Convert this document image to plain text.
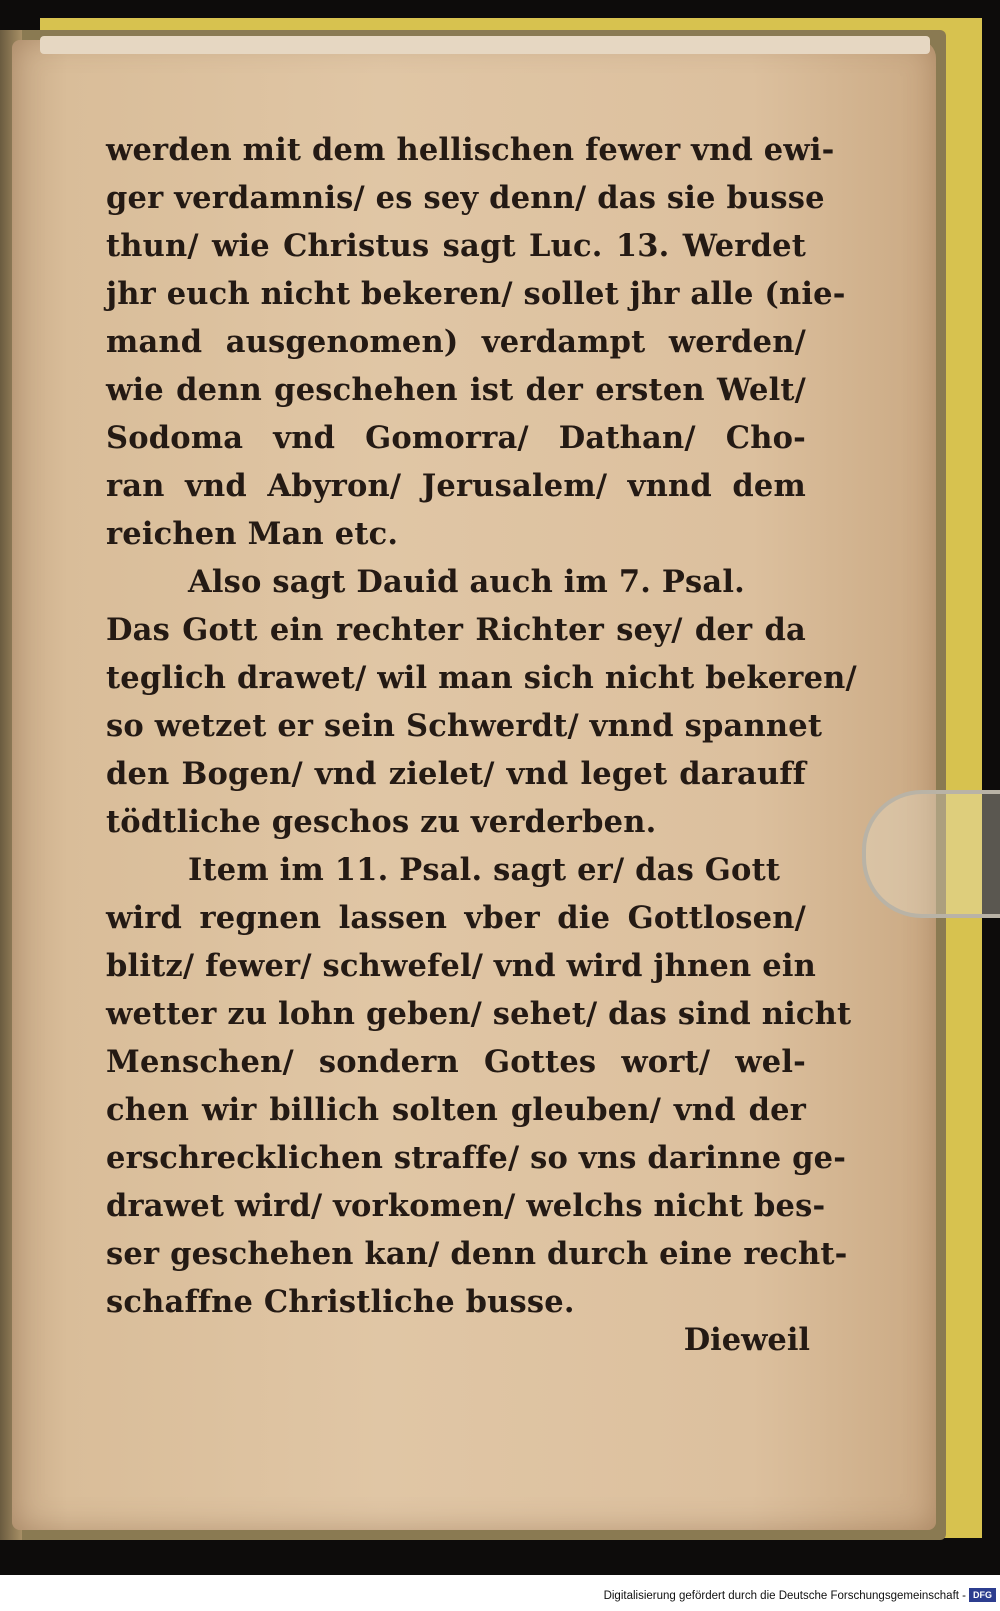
werden mit dem hellischen fewer vnd ewi-
ger verdamnis/ es sey denn/ das sie busse
thun/ wie Christus sagt Luc. 13. Werdet
jhr euch nicht bekeren/ sollet jhr alle (nie-
mand ausgenomen) verdampt werden/
wie denn geschehen ist der ersten Welt/
Sodoma vnd Gomorra/ Dathan/ Cho-
ran vnd Abyron/ Jerusalem/ vnnd dem
reichen Man etc.
Also sagt Dauid auch im 7. Psal.
Das Gott ein rechter Richter sey/ der da
teglich drawet/ wil man sich nicht bekeren/
so wetzet er sein Schwerdt/ vnnd spannet
den Bogen/ vnd zielet/ vnd leget darauff
tödtliche geschos zu verderben.
Item im 11. Psal. sagt er/ das Gott
wird regnen lassen vber die Gottlosen/
blitz/ fewer/ schwefel/ vnd wird jhnen ein
wetter zu lohn geben/ sehet/ das sind nicht
Menschen/ sondern Gottes wort/ wel-
chen wir billich solten gleuben/ vnd der
erschrecklichen straffe/ so vns darinne ge-
drawet wird/ vorkomen/ welchs nicht bes-
ser geschehen kan/ denn durch eine recht-
schaffne Christliche busse.
Dieweil
Digitalisierung gefördert durch die Deutsche Forschungsgemeinschaft - DFG
